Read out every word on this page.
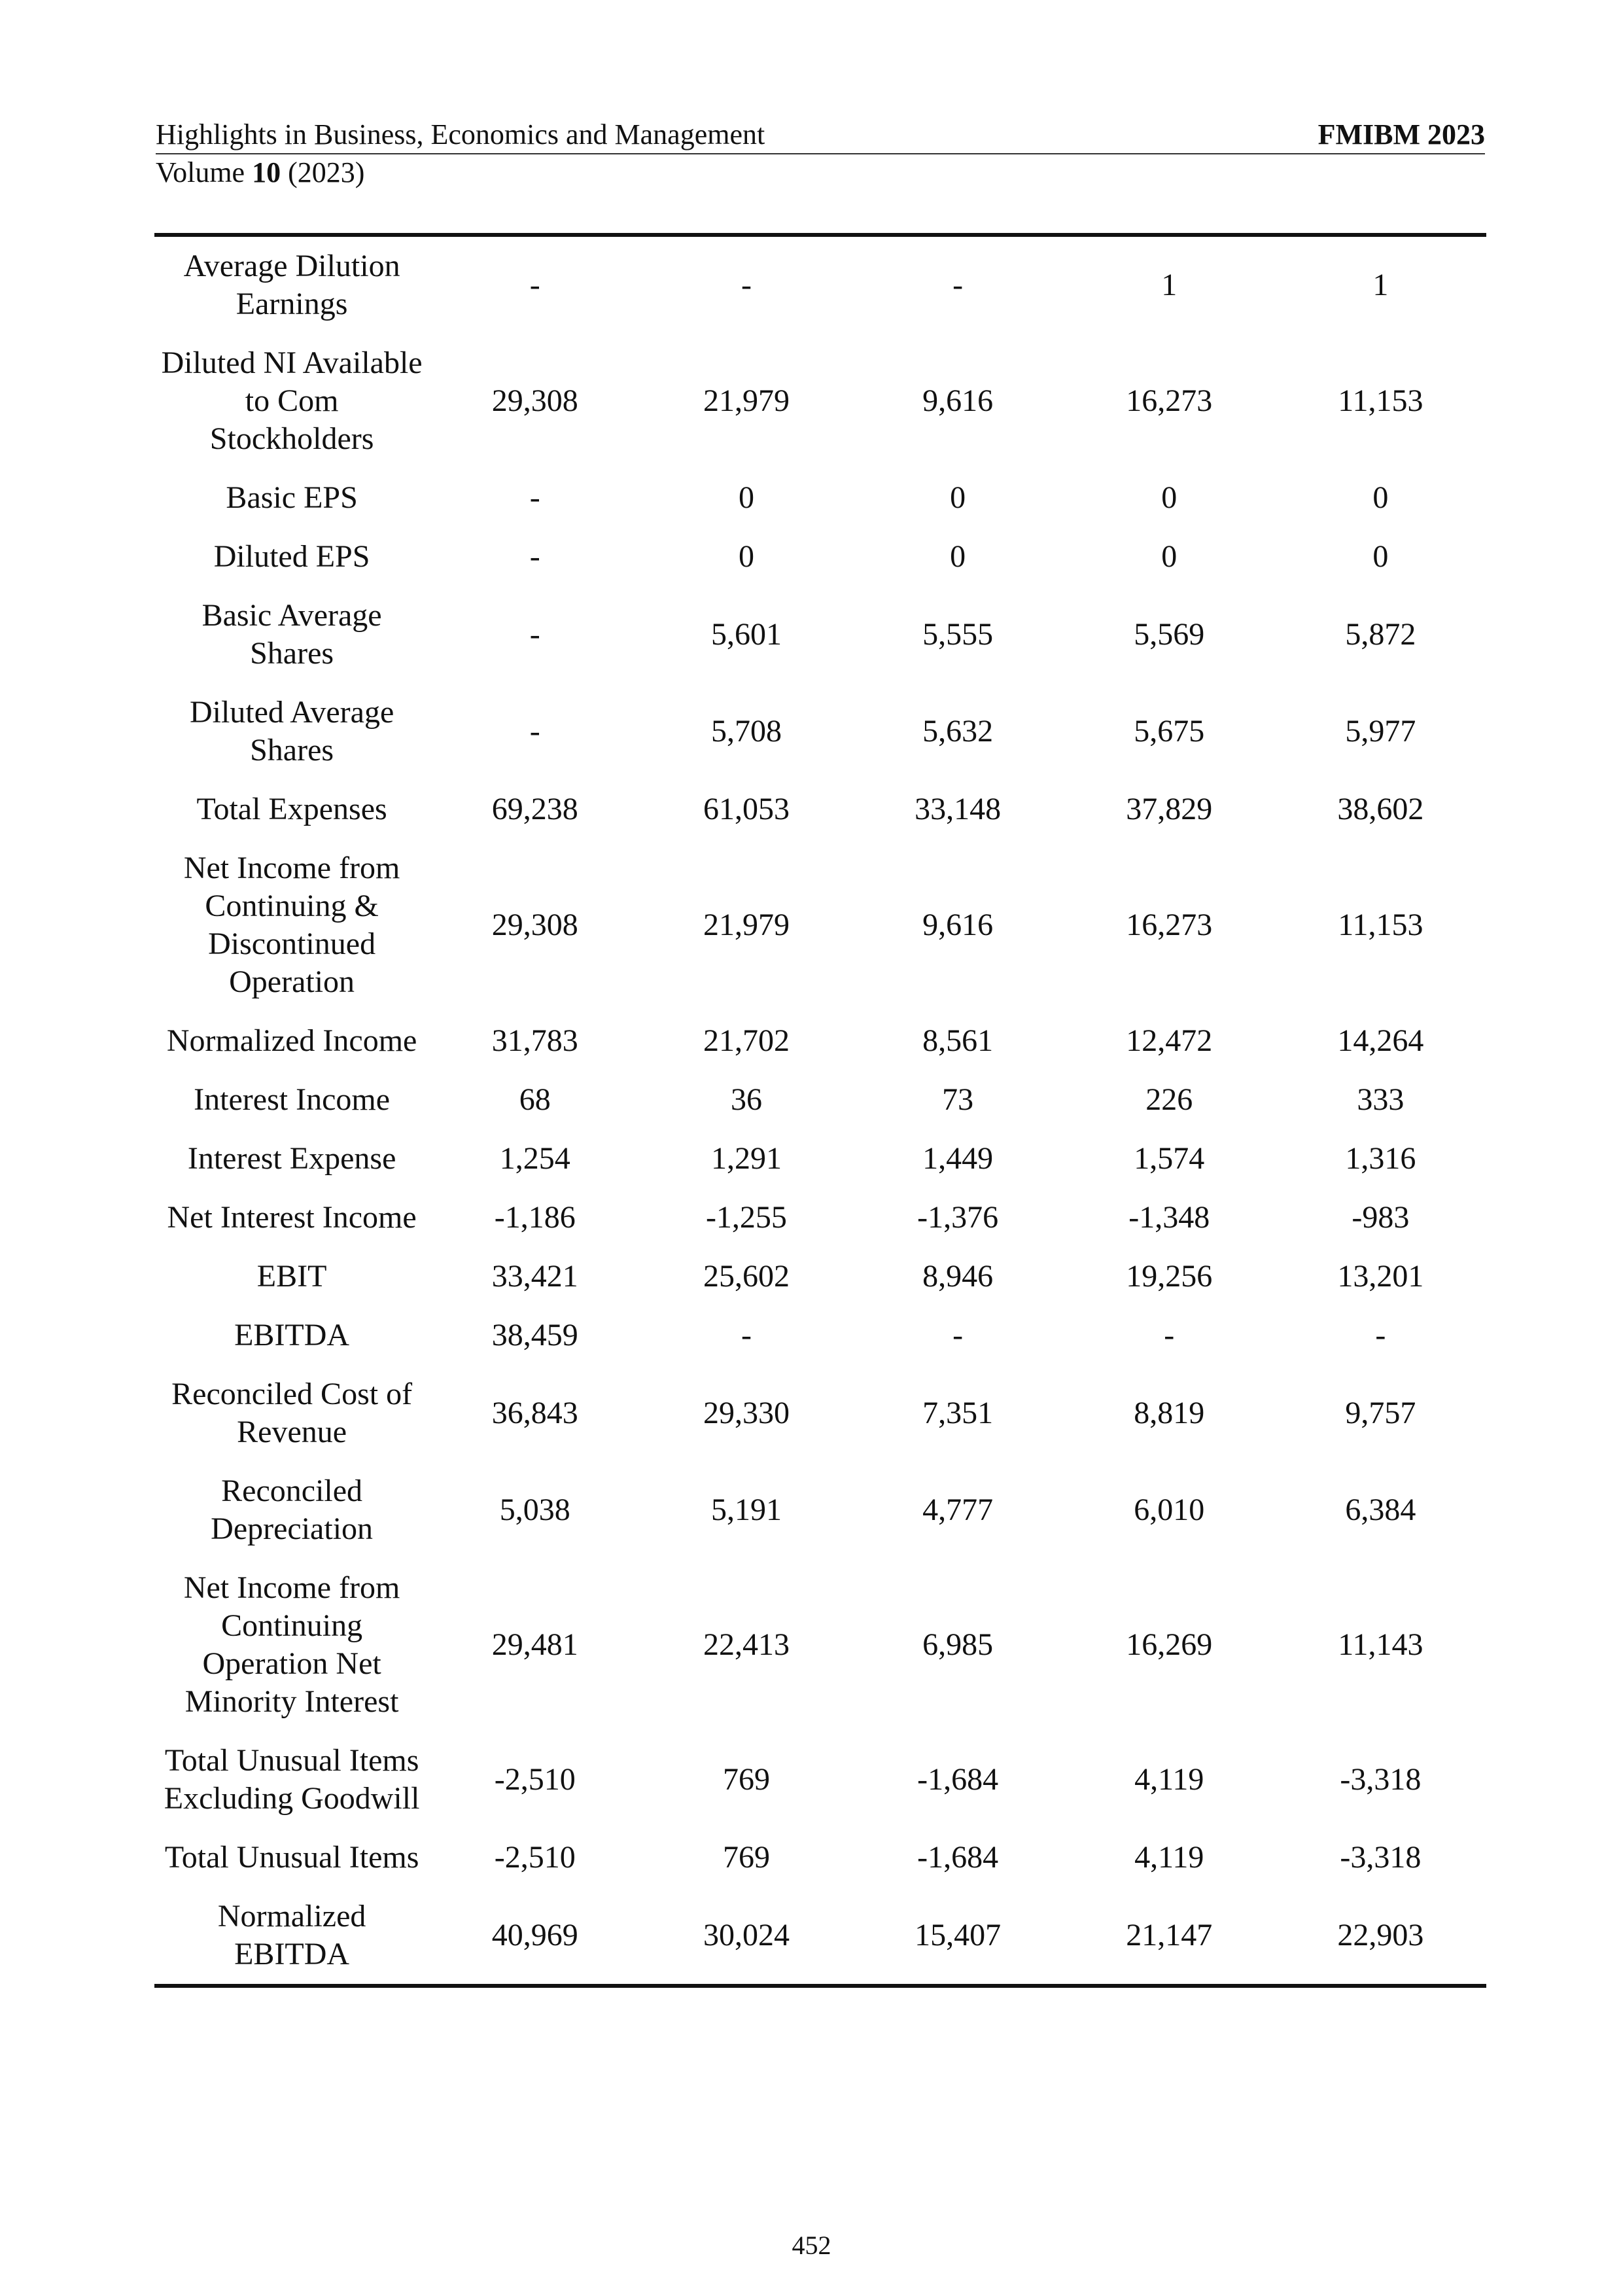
Highlights in Business, Economics and Management	FMIBM 2023
Volume 10 (2023)
Average Dilution Earnings	-	-	-	1	1
Diluted NI Available to Com Stockholders	29,308	21,979	9,616	16,273	11,153
Basic EPS	-	0	0	0	0
Diluted EPS	-	0	0	0	0
Basic Average Shares	-	5,601	5,555	5,569	5,872
Diluted Average Shares	-	5,708	5,632	5,675	5,977
Total Expenses	69,238	61,053	33,148	37,829	38,602
Net Income from Continuing & Discontinued Operation	29,308	21,979	9,616	16,273	11,153
Normalized Income	31,783	21,702	8,561	12,472	14,264
Interest Income	68	36	73	226	333
Interest Expense	1,254	1,291	1,449	1,574	1,316
Net Interest Income	-1,186	-1,255	-1,376	-1,348	-983
EBIT	33,421	25,602	8,946	19,256	13,201
EBITDA	38,459	-	-	-	-
Reconciled Cost of Revenue	36,843	29,330	7,351	8,819	9,757
Reconciled Depreciation	5,038	5,191	4,777	6,010	6,384
Net Income from Continuing Operation Net Minority Interest	29,481	22,413	6,985	16,269	11,143
Total Unusual Items Excluding Goodwill	-2,510	769	-1,684	4,119	-3,318
Total Unusual Items	-2,510	769	-1,684	4,119	-3,318
Normalized EBITDA	40,969	30,024	15,407	21,147	22,903
452
